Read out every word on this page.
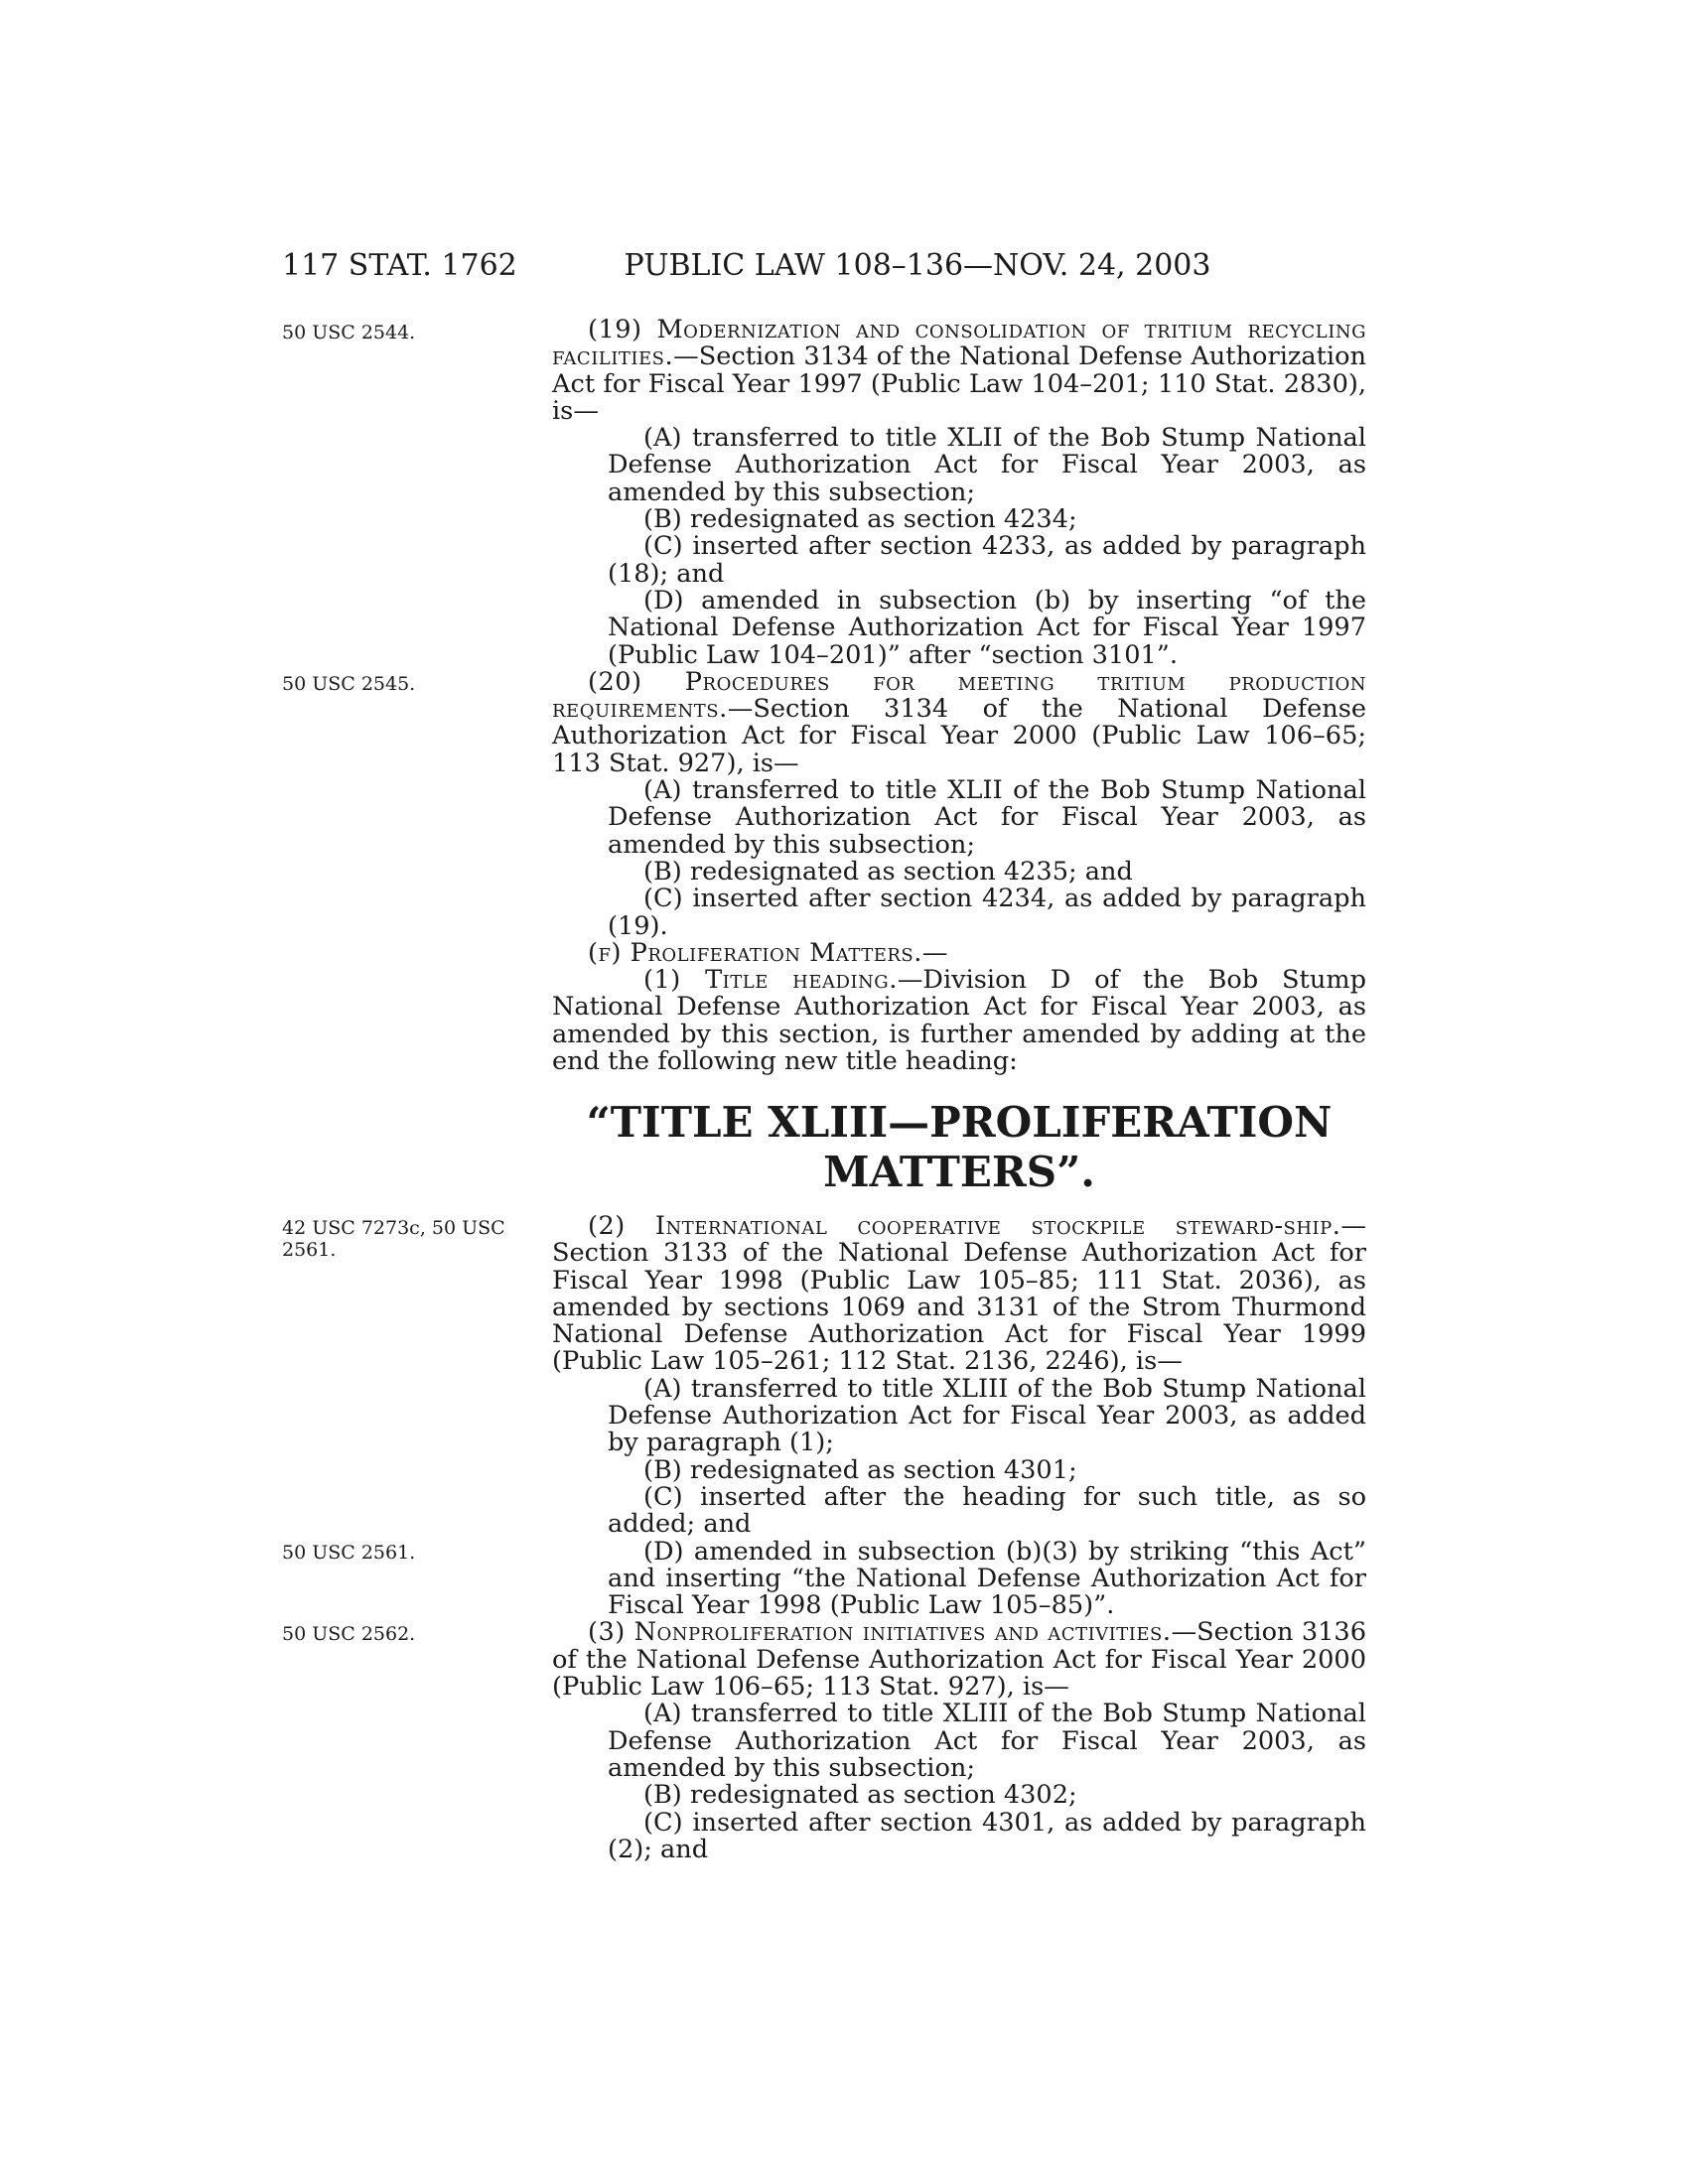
117 STAT. 1762	PUBLIC LAW 108–136—NOV. 24, 2003
50 USC 2544.
50 USC 2545.
42 USC 7273c, 50 USC 2561.
50 USC 2561.
50 USC 2562.

(19) Modernization and consolidation of tritium recycling facilities.—Section 3134 of the National Defense Authorization Act for Fiscal Year 1997 (Public Law 104–201; 110 Stat. 2830), is—

(A) transferred to title XLII of the Bob Stump National Defense Authorization Act for Fiscal Year 2003, as amended by this subsection;

(B) redesignated as section 4234;

(C) inserted after section 4233, as added by paragraph (18); and

(D) amended in subsection (b) by inserting “of the National Defense Authorization Act for Fiscal Year 1997 (Public Law 104–201)” after “section 3101”.

(20) Procedures for meeting tritium production requirements.—Section 3134 of the National Defense Authorization Act for Fiscal Year 2000 (Public Law 106–65; 113 Stat. 927), is—

(A) transferred to title XLII of the Bob Stump National Defense Authorization Act for Fiscal Year 2003, as amended by this subsection;

(B) redesignated as section 4235; and

(C) inserted after section 4234, as added by paragraph (19).

(f) Proliferation Matters.—

(1) Title heading.—Division D of the Bob Stump National Defense Authorization Act for Fiscal Year 2003, as amended by this section, is further amended by adding at the end the following new title heading:

“TITLE XLIII—PROLIFERATION
MATTERS”.

(2) International cooperative stockpile steward-ship.—Section 3133 of the National Defense Authorization Act for Fiscal Year 1998 (Public Law 105–85; 111 Stat. 2036), as amended by sections 1069 and 3131 of the Strom Thurmond National Defense Authorization Act for Fiscal Year 1999 (Public Law 105–261; 112 Stat. 2136, 2246), is—

(A) transferred to title XLIII of the Bob Stump National Defense Authorization Act for Fiscal Year 2003, as added by paragraph (1);

(B) redesignated as section 4301;

(C) inserted after the heading for such title, as so added; and

(D) amended in subsection (b)(3) by striking “this Act” and inserting “the National Defense Authorization Act for Fiscal Year 1998 (Public Law 105–85)”.

(3) Nonproliferation initiatives and activities.—Section 3136 of the National Defense Authorization Act for Fiscal Year 2000 (Public Law 106–65; 113 Stat. 927), is—

(A) transferred to title XLIII of the Bob Stump National Defense Authorization Act for Fiscal Year 2003, as amended by this subsection;

(B) redesignated as section 4302;

(C) inserted after section 4301, as added by paragraph (2); and
